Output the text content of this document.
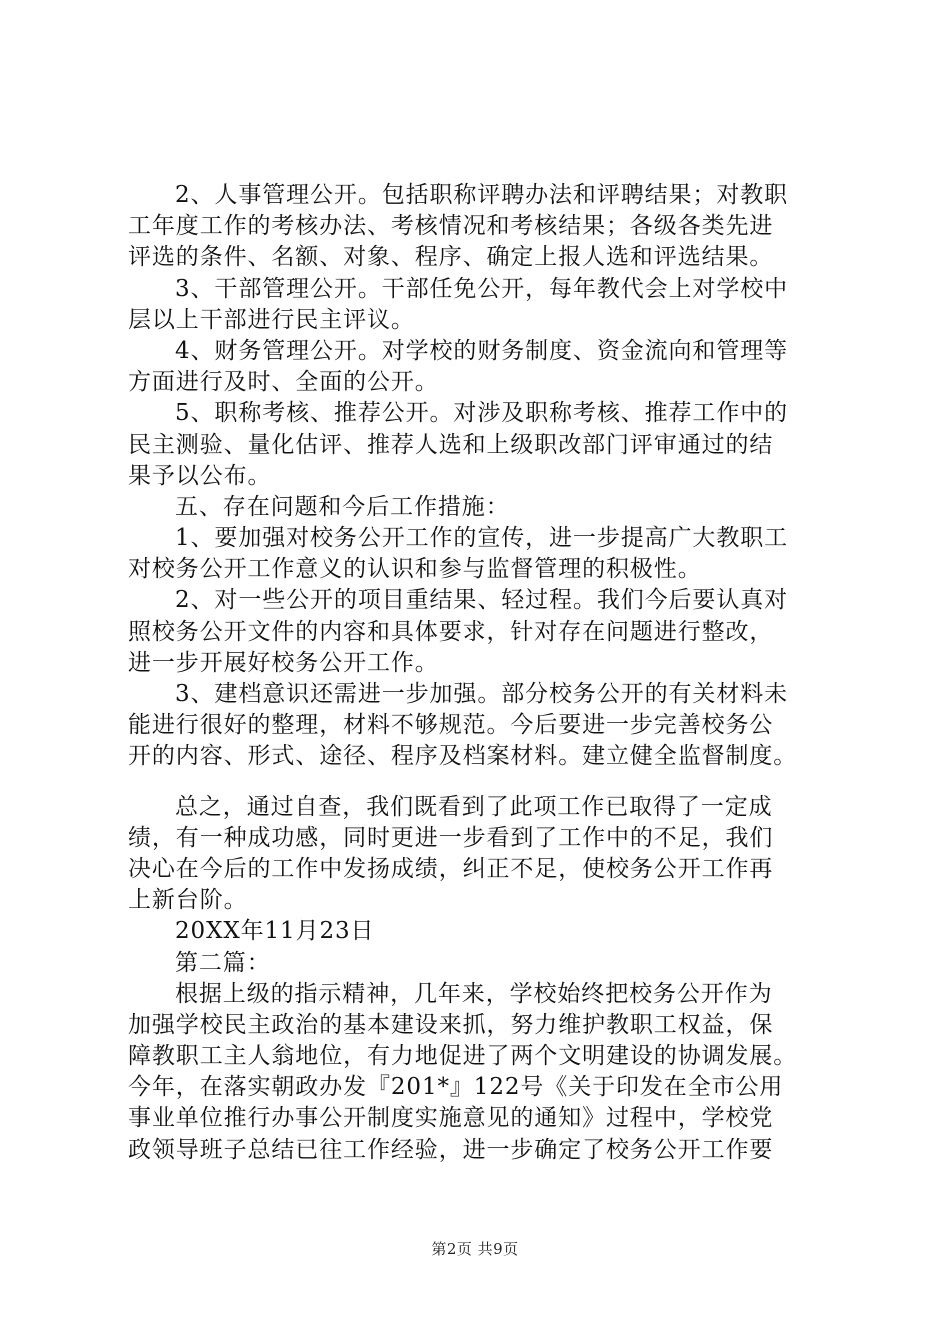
2、人事管理公开。包括职称评聘办法和评聘结果；对教职
工年度工作的考核办法、考核情况和考核结果；各级各类先进
评选的条件、名额、对象、程序、确定上报人选和评选结果。
3、干部管理公开。干部任免公开，每年教代会上对学校中
层以上干部进行民主评议。
4、财务管理公开。对学校的财务制度、资金流向和管理等
方面进行及时、全面的公开。
5、职称考核、推荐公开。对涉及职称考核、推荐工作中的
民主测验、量化估评、推荐人选和上级职改部门评审通过的结
果予以公布。
五、存在问题和今后工作措施：
1、要加强对校务公开工作的宣传，进一步提高广大教职工
对校务公开工作意义的认识和参与监督管理的积极性。
2、对一些公开的项目重结果、轻过程。我们今后要认真对
照校务公开文件的内容和具体要求，针对存在问题进行整改，
进一步开展好校务公开工作。
3、建档意识还需进一步加强。部分校务公开的有关材料未
能进行很好的整理，材料不够规范。今后要进一步完善校务公
开的内容、形式、途径、程序及档案材料。建立健全监督制度。
总之，通过自查，我们既看到了此项工作已取得了一定成
绩，有一种成功感，同时更进一步看到了工作中的不足，我们
决心在今后的工作中发扬成绩，纠正不足，使校务公开工作再
上新台阶。
20XX年11月23日
第二篇：
根据上级的指示精神，几年来，学校始终把校务公开作为
加强学校民主政治的基本建设来抓，努力维护教职工权益，保
障教职工主人翁地位，有力地促进了两个文明建设的协调发展。
今年，在落实朝政办发『201*』122号《关于印发在全市公用
事业单位推行办事公开制度实施意见的通知》过程中，学校党
政领导班子总结已往工作经验，进一步确定了校务公开工作要
第2页 共9页
